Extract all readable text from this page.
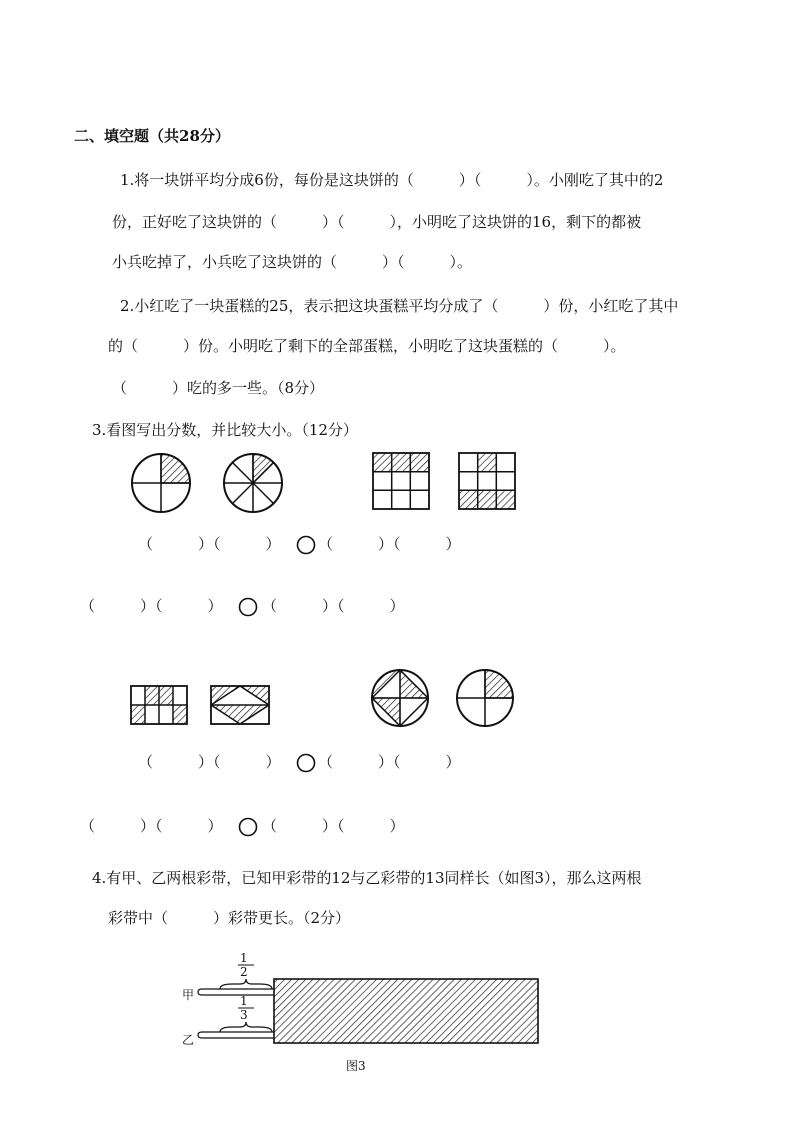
二、填空题（共28分）
1.将一块饼平均分成6份，每份是这块饼的（　　　）（　　　）。小刚吃了其中的2
份，正好吃了这块饼的（　　　）（　　　），小明吃了这块饼的16，剩下的都被
小兵吃掉了，小兵吃了这块饼的（　　　）（　　　）。
2.小红吃了一块蛋糕的25，表示把这块蛋糕平均分成了（　　　）份，小红吃了其中
的（　　　）份。小明吃了剩下的全部蛋糕，小明吃了这块蛋糕的（　　　）。
（　　　）吃的多一些。（8分）
3.看图写出分数，并比较大小。（12分）
（　　　）（　　　） （　　　）（　　　）
（　　　）（　　　）	（　　　）（　　　）
（　　　）（　　　） （　　　）（　　　）
（　　　）（　　　）	（　　　）（　　　）
4.有甲、乙两根彩带，已知甲彩带的12与乙彩带的13同样长（如图3），那么这两根
彩带中（　　　）彩带更长。（2分）
1
2
1
3
甲
乙
图3
